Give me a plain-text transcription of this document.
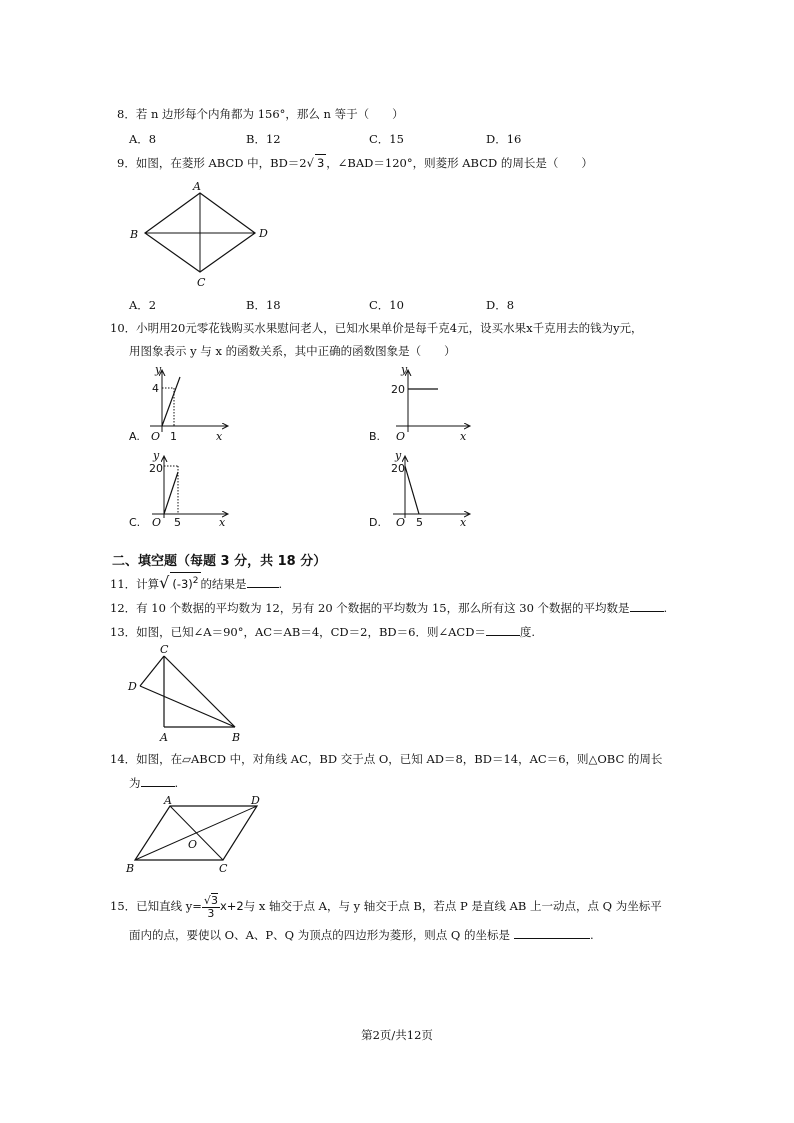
8．若 n 边形每个内角都为 156°，那么 n 等于（　　）
A．8	B．12	C．15	D．16
9．如图，在菱形 ABCD 中，BD＝2√ 3 ，∠BAD＝120°，则菱形 ABCD 的周长是（　　）
A
B
C
D
A．2	B．18	C．10	D．8
10．小明用20元零花钱购买水果慰问老人，已知水果单价是每千克4元，设买水果x千克用去的钱为y元，
用图象表示 y 与 x 的函数关系，其中正确的函数图象是（　　）
y
4
O 1	x
A.
y
20
O	x
B.
y
20
O 5	x
C.
y
20
O 5	x
D.
二、填空题（每题 3 分，共 18 分）
11．计算√ $(-3)^2$ 的结果是	.
12．有 10 个数据的平均数为 12，另有 20 个数据的平均数为 15，那么所有这 30 个数据的平均数是	.
13．如图，已知∠A＝90°，AC＝AB＝4，CD＝2，BD＝6．则∠ACD＝	度.
C
D
A	B
14．如图，在▱ABCD 中，对角线 AC，BD 交于点 O，已知 AD＝8，BD＝14，AC＝6，则△OBC 的周长
为	.
A	D
B	C
O
15．已知直线 $y= \frac{√3}{3} x+2$与 x 轴交于点 A，与 y 轴交于点 B，若点 P 是直线 AB 上一动点，点 Q 为坐标平
面内的点，要使以 O、A、P、Q 为顶点的四边形为菱形，则点 Q 的坐标是	.
第2页/共12页
